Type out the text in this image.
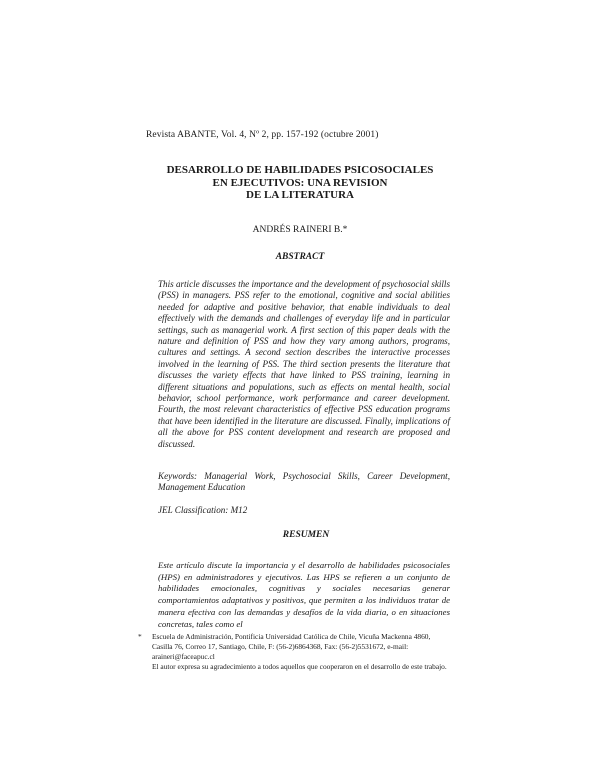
Revista ABANTE, Vol. 4, Nº 2, pp. 157-192 (octubre 2001)
DESARROLLO DE HABILIDADES PSICOSOCIALES
EN EJECUTIVOS: UNA REVISION
DE LA LITERATURA
ANDRÉS RAINERI B.*
ABSTRACT

This article discusses the importance and the development of psychosocial skills (PSS) in managers. PSS refer to the emotional, cognitive and social abilities needed for adaptive and positive behavior, that enable individuals to deal effectively with the demands and challenges of everyday life and in particular settings, such as managerial work. A first section of this paper deals with the nature and definition of PSS and how they vary among authors, programs, cultures and settings. A second section describes the interactive processes involved in the learning of PSS. The third section presents the literature that discusses the variety effects that have linked to PSS training, learning in different situations and populations, such as effects on mental health, social behavior, school performance, work performance and career development. Fourth, the most relevant characteristics of effective PSS education programs that have been identified in the literature are discussed. Finally, implications of all the above for PSS content development and research are proposed and discussed.

Keywords: Managerial Work, Psychosocial Skills, Career Development, Management Education

JEL Classification: M12

RESUMEN

Este artículo discute la importancia y el desarrollo de habilidades psicosociales (HPS) en administradores y ejecutivos. Las HPS se refieren a un conjunto de habilidades emocionales, cognitivas y sociales necesarias generar comportamientos adaptativos y positivos, que permiten a los individuos tratar de manera efectiva con las demandas y desafíos de la vida diaria, o en situaciones concretas, tales como el

* Escuela de Administración, Pontificia Universidad Católica de Chile, Vicuña Mackenna 4860, Casilla 76, Correo 17, Santiago, Chile, F: (56-2)6864368, Fax: (56-2)5531672, e-mail: araineri@faceapuc.cl
El autor expresa su agradecimiento a todos aquellos que cooperaron en el desarrollo de este trabajo.
